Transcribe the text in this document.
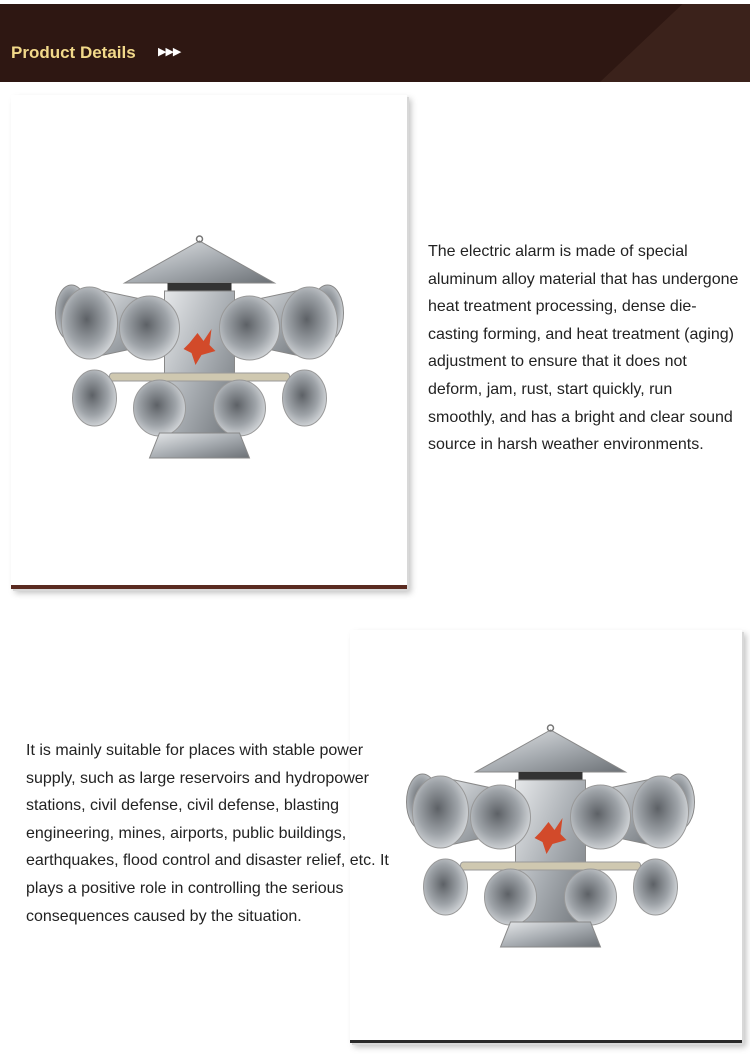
Product Details ▶▶▶
The electric alarm is made of special aluminum alloy material that has undergone heat treatment processing, dense die-casting forming, and heat treatment (aging) adjustment to ensure that it does not deform, jam, rust, start quickly, run smoothly, and has a bright and clear sound source in harsh weather environments.
It is mainly suitable for places with stable power supply, such as large reservoirs and hydropower stations, civil defense, civil defense, blasting engineering, mines, airports, public buildings, earthquakes, flood control and disaster relief, etc. It plays a positive role in controlling the serious consequences caused by the situation.
